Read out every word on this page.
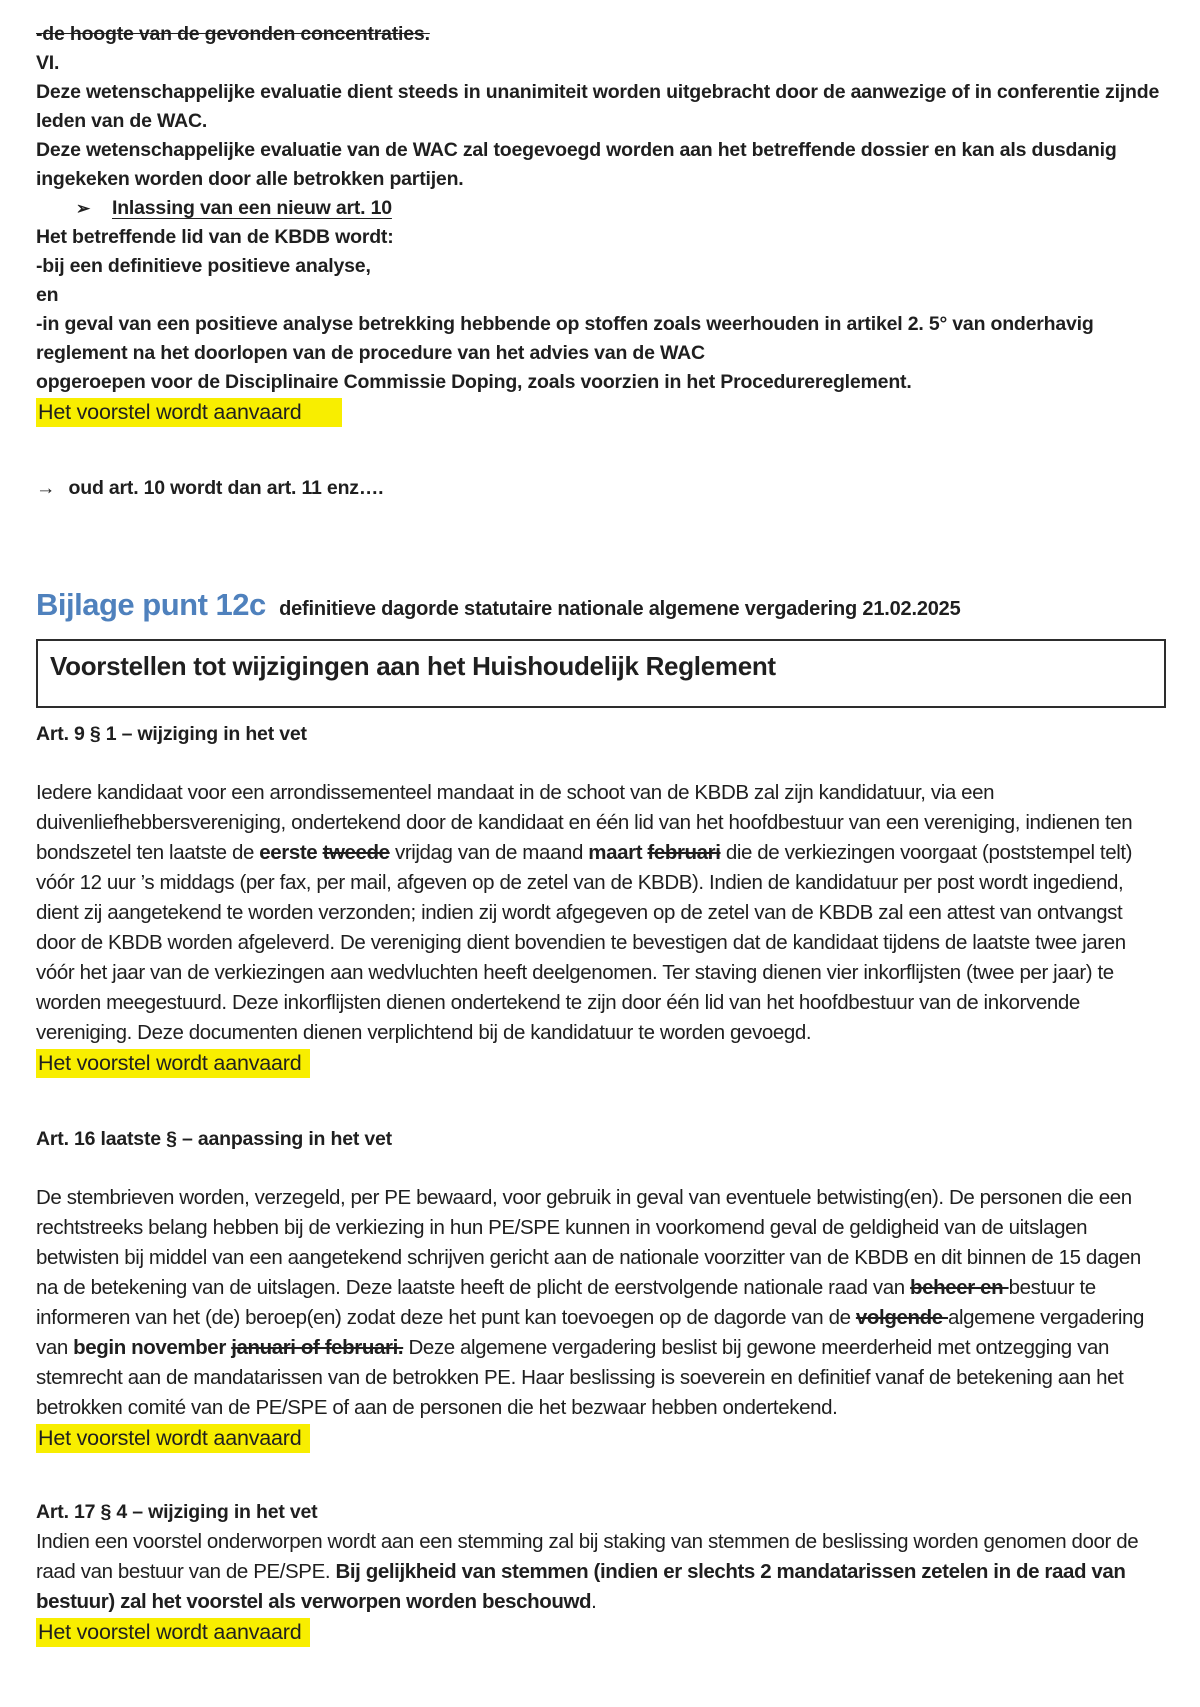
-de hoogte van de gevonden concentraties.

VI.

Deze wetenschappelijke evaluatie dient steeds in unanimiteit worden uitgebracht door de aanwezige of in conferentie zijnde leden van de WAC.

Deze wetenschappelijke evaluatie van de WAC zal toegevoegd worden aan het betreffende dossier en kan als dusdanig ingekeken worden door alle betrokken partijen.

➢	Inlassing van een nieuw art. 10

Het betreffende lid van de KBDB wordt:

-bij een definitieve positieve analyse,

en

-in geval van een positieve analyse betrekking hebbende op stoffen zoals weerhouden in artikel 2. 5° van onderhavig reglement na het doorlopen van de procedure van het advies van de WAC

opgeroepen voor de Disciplinaire Commissie Doping, zoals voorzien in het Procedurereglement.

Het voorstel wordt aanvaard

→ oud art. 10 wordt dan art. 11 enz….

Bijlage punt 12c definitieve dagorde statutaire nationale algemene vergadering 21.02.2025
Voorstellen tot wijzigingen aan het Huishoudelijk Reglement
Art. 9 § 1 – wijziging in het vet

Iedere kandidaat voor een arrondissementeel mandaat in de schoot van de KBDB zal zijn kandidatuur, via een duivenliefhebbersvereniging, ondertekend door de kandidaat en één lid van het hoofdbestuur van een vereniging, indienen ten bondszetel ten laatste de eerste tweede vrijdag van de maand maart februari die de verkiezingen voorgaat (poststempel telt) vóór 12 uur ’s middags (per fax, per mail, afgeven op de zetel van de KBDB). Indien de kandidatuur per post wordt ingediend, dient zij aangetekend te worden verzonden; indien zij wordt afgegeven op de zetel van de KBDB zal een attest van ontvangst door de KBDB worden afgeleverd. De vereniging dient bovendien te bevestigen dat de kandidaat tijdens de laatste twee jaren vóór het jaar van de verkiezingen aan wedvluchten heeft deelgenomen. Ter staving dienen vier inkorflijsten (twee per jaar) te worden meegestuurd. Deze inkorflijsten dienen ondertekend te zijn door één lid van het hoofdbestuur van de inkorvende vereniging. Deze documenten dienen verplichtend bij de kandidatuur te worden gevoegd.

Het voorstel wordt aanvaard
Art. 16 laatste § – aanpassing in het vet

De stembrieven worden, verzegeld, per PE bewaard, voor gebruik in geval van eventuele betwisting(en). De personen die een rechtstreeks belang hebben bij de verkiezing in hun PE/SPE kunnen in voorkomend geval de geldigheid van de uitslagen betwisten bij middel van een aangetekend schrijven gericht aan de nationale voorzitter van de KBDB en dit binnen de 15 dagen na de betekening van de uitslagen. Deze laatste heeft de plicht de eerstvolgende nationale raad van beheer en bestuur te informeren van het (de) beroep(en) zodat deze het punt kan toevoegen op de dagorde van de volgende algemene vergadering van begin november januari of februari. Deze algemene vergadering beslist bij gewone meerderheid met ontzegging van stemrecht aan de mandatarissen van de betrokken PE. Haar beslissing is soeverein en definitief vanaf de betekening aan het betrokken comité van de PE/SPE of aan de personen die het bezwaar hebben ondertekend.

Het voorstel wordt aanvaard
Art. 17 § 4 – wijziging in het vet

Indien een voorstel onderworpen wordt aan een stemming zal bij staking van stemmen de beslissing worden genomen door de raad van bestuur van de PE/SPE. Bij gelijkheid van stemmen (indien er slechts 2 mandatarissen zetelen in de raad van bestuur) zal het voorstel als verworpen worden beschouwd.

Het voorstel wordt aanvaard
